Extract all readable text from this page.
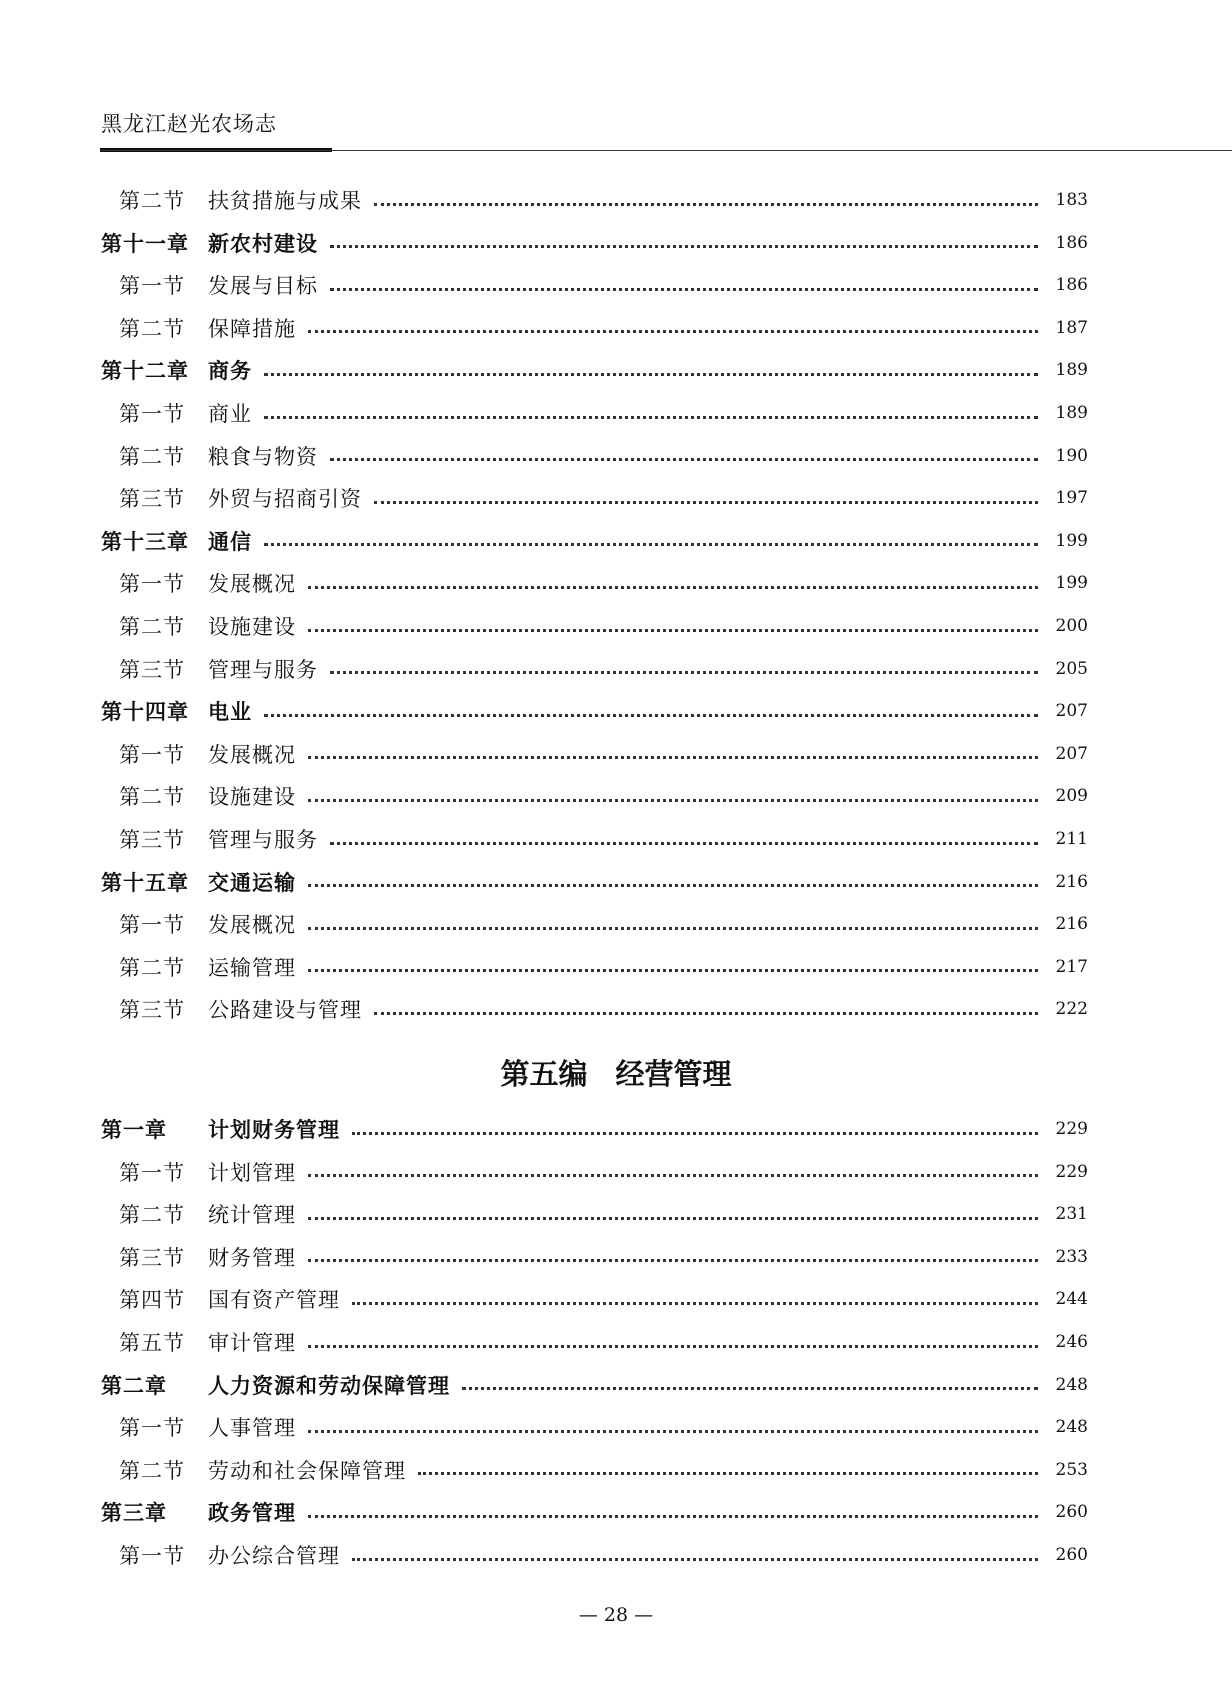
黑龙江赵光农场志
第二节 扶贫措施与成果	183
第十一章 新农村建设	186
第一节 发展与目标	186
第二节 保障措施	187
第十二章 商务	189
第一节 商业	189
第二节 粮食与物资	190
第三节 外贸与招商引资	197
第十三章 通信	199
第一节 发展概况	199
第二节 设施建设	200
第三节 管理与服务	205
第十四章 电业	207
第一节 发展概况	207
第二节 设施建设	209
第三节 管理与服务	211
第十五章 交通运输	216
第一节 发展概况	216
第二节 运输管理	217
第三节 公路建设与管理	222
第五编 经营管理
第一章	计划财务管理	229
第一节 计划管理	229
第二节 统计管理	231
第三节 财务管理	233
第四节 国有资产管理	244
第五节 审计管理	246
第二章	人力资源和劳动保障管理	248
第一节 人事管理	248
第二节 劳动和社会保障管理	253
第三章	政务管理	260
第一节 办公综合管理	260
— 28 —
